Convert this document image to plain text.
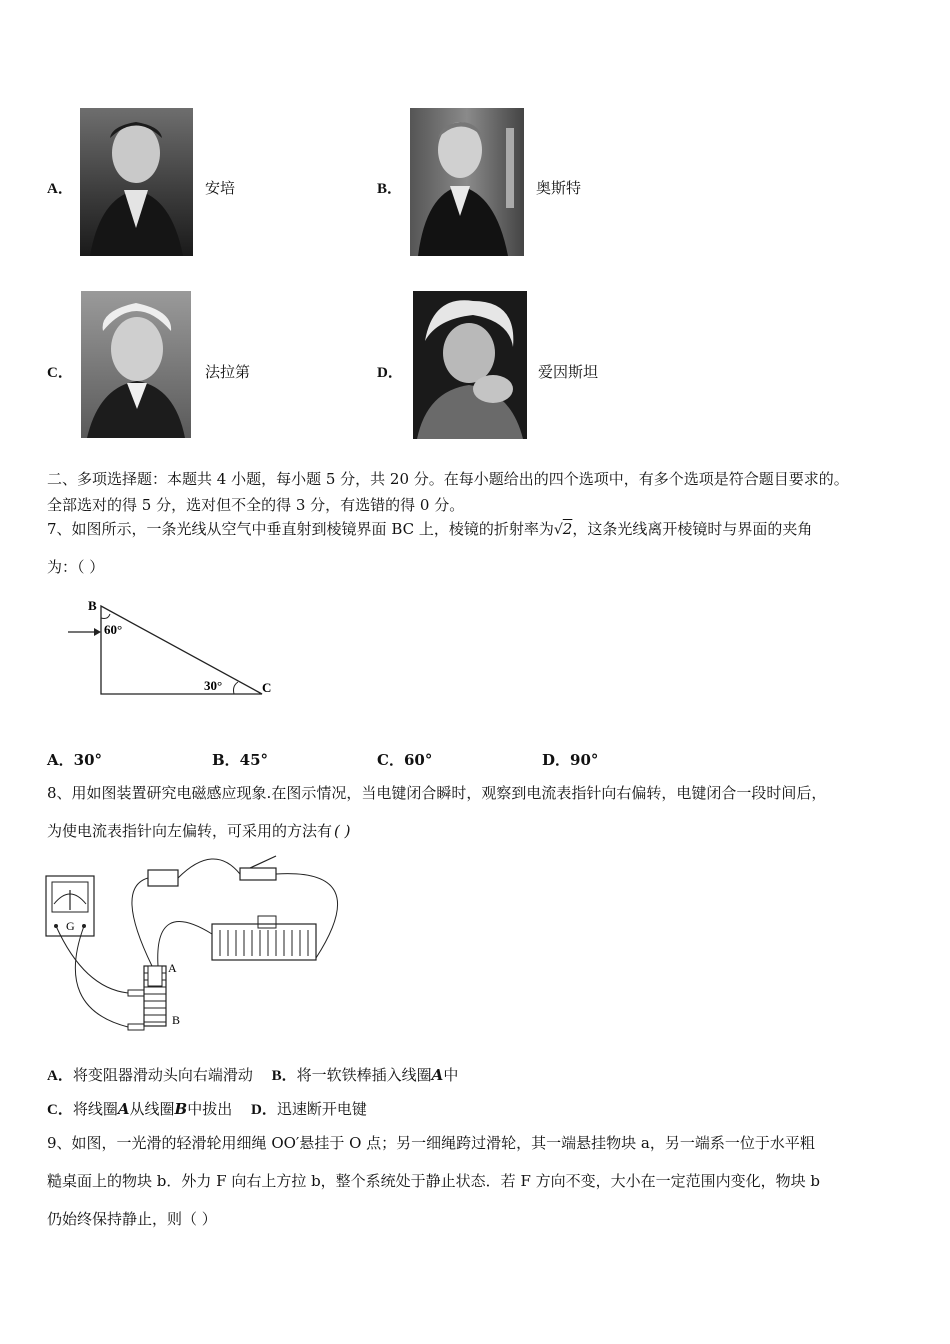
A．	安培	B．	奥斯特
C．	法拉第	D．	爱因斯坦
二、多项选择题：本题共 4 小题，每小题 5 分，共 20 分。在每小题给出的四个选项中，有多个选项是符合题目要求的。
全部选对的得 5 分，选对但不全的得 3 分，有选错的得 0 分。
7、如图所示，一条光线从空气中垂直射到棱镜界面 BC 上，棱镜的折射率为√2，这条光线离开棱镜时与界面的夹角
为：（ ）
B
C
60°
30°
A．30°	B．45°	C．60°	D．90°
8、用如图装置研究电磁感应现象.在图示情况，当电键闭合瞬时，观察到电流表指针向右偏转，电键闭合一段时间后，
为使电流表指针向左偏转，可采用的方法有 ( )
G
A
B
A．将变阻器滑动头向右端滑动 B．将一软铁棒插入线圈A中
C．将线圈A从线圈B中拔出 D．迅速断开电键
9、如图，一光滑的轻滑轮用细绳 OO′悬挂于 O 点；另一细绳跨过滑轮，其一端悬挂物块 a，另一端系一位于水平粗
糙桌面上的物块 b．外力 F 向右上方拉 b，整个系统处于静止状态．若 F 方向不变，大小在一定范围内变化，物块 b
仍始终保持静止，则（ ）
